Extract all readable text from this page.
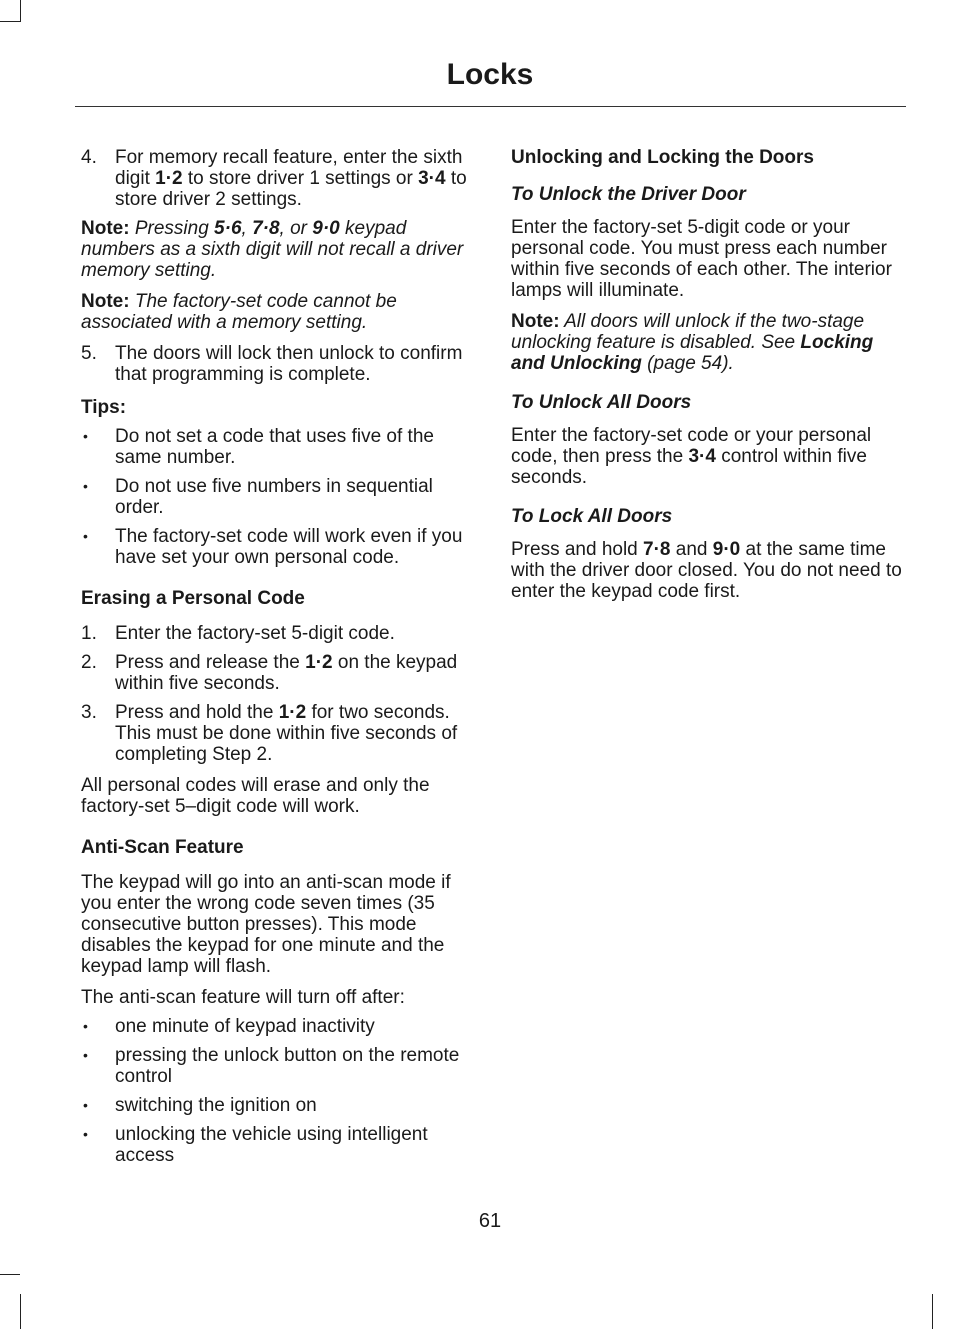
Locks
4. For memory recall feature, enter the sixth digit 1·2 to store driver 1 settings or 3·4 to store driver 2 settings.

Note: Pressing 5·6, 7·8, or 9·0 keypad numbers as a sixth digit will not recall a driver memory setting.

Note: The factory-set code cannot be associated with a memory setting.

5. The doors will lock then unlock to confirm that programming is complete.

Tips:

• Do not set a code that uses five of the same number.
• Do not use five numbers in sequential order.
• The factory-set code will work even if you have set your own personal code.
Erasing a Personal Code
1. Enter the factory-set 5-digit code.
2. Press and release the 1·2 on the keypad within five seconds.
3. Press and hold the 1·2 for two seconds. This must be done within five seconds of completing Step 2.

All personal codes will erase and only the factory-set 5–digit code will work.

Anti-Scan Feature

The keypad will go into an anti-scan mode if you enter the wrong code seven times (35 consecutive button presses). This mode disables the keypad for one minute and the keypad lamp will flash.

The anti-scan feature will turn off after:

• one minute of keypad inactivity
• pressing the unlock button on the remote control
• switching the ignition on
• unlocking the vehicle using intelligent access
Unlocking and Locking the Doors
To Unlock the Driver Door

Enter the factory-set 5-digit code or your personal code. You must press each number within five seconds of each other. The interior lamps will illuminate.

Note: All doors will unlock if the two-stage unlocking feature is disabled. See Locking and Unlocking (page 54).

To Unlock All Doors

Enter the factory-set code or your personal code, then press the 3·4 control within five seconds.

To Lock All Doors

Press and hold 7·8 and 9·0 at the same time with the driver door closed. You do not need to enter the keypad code first.

61
